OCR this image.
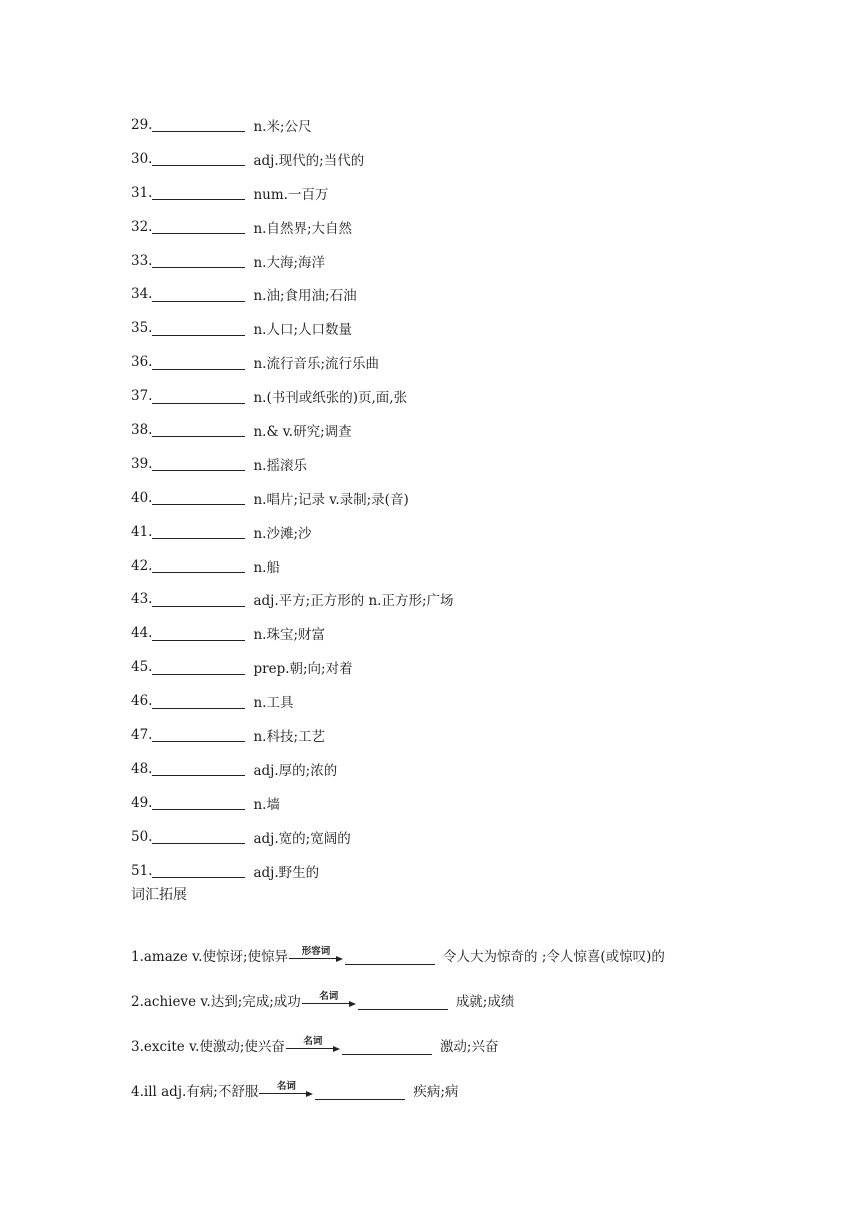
29.	n.米;公尺
30.	adj.现代的;当代的
31.	num.一百万
32.	n.自然界;大自然
33.	n.大海;海洋
34.	n.油;食用油;石油
35.	n.人口;人口数量
36.	n.流行音乐;流行乐曲
37.	n.(书刊或纸张的)页,面,张
38.	n.& v.研究;调查
39.	n.摇滚乐
40.	n.唱片;记录 v.录制;录(音)
41.	n.沙滩;沙
42.	n.船
43.	adj.平方;正方形的 n.正方形;广场
44.	n.珠宝;财富
45.	prep.朝;向;对着
46.	n.工具
47.	n.科技;工艺
48.	adj.厚的;浓的
49.	n.墙
50.	adj.宽的;宽阔的
51.	adj.野生的
词汇拓展
1.amaze v.使惊讶;使惊异	形容词	令人大为惊奇的 ;令人惊喜(或惊叹)的
2.achieve v.达到;完成;成功	名词	成就;成绩
3.excite v.使激动;使兴奋	名词	激动;兴奋
4.ill adj.有病;不舒服	名词	疾病;病
